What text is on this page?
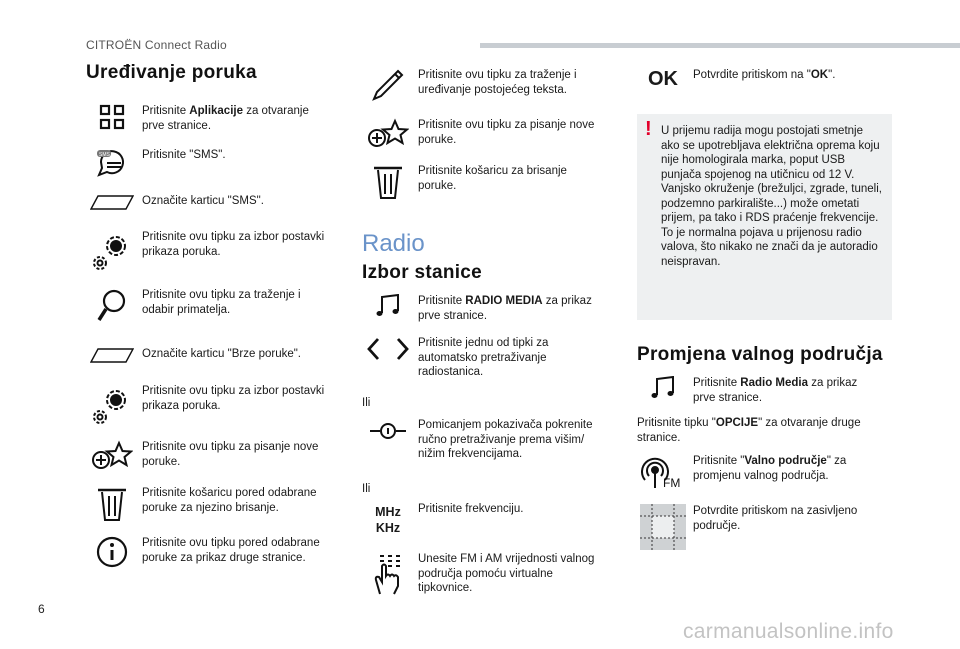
CITROËN Connect Radio
6
carmanualsonline.info
Uređivanje poruka
Pritisnite Aplikacije za otvaranje prve stranice.
SMS	Pritisnite "SMS".
Označite karticu "SMS".
Pritisnite ovu tipku za izbor postavki prikaza poruka.
Pritisnite ovu tipku za traženje i odabir primatelja.
Označite karticu "Brze poruke".
Pritisnite ovu tipku za izbor postavki prikaza poruka.
Pritisnite ovu tipku za pisanje nove poruke.
Pritisnite košaricu pored odabrane poruke za njezino brisanje.
Pritisnite ovu tipku pored odabrane poruke za prikaz druge stranice.
Pritisnite ovu tipku za traženje i uređivanje postojećeg teksta.
Pritisnite ovu tipku za pisanje nove poruke.
Pritisnite košaricu za brisanje poruke.
Radio
Izbor stanice
Pritisnite RADIO MEDIA za prikaz prve stranice.
Pritisnite jednu od tipki za automatsko pretraživanje radiostanica.
Ili
Pomicanjem pokazivača pokrenite ručno pretraživanje prema višim/ nižim frekvencijama.
Ili
MHz
KHz
Pritisnite frekvenciju.
Unesite FM i AM vrijednosti valnog područja pomoću virtualne tipkovnice.
OK	Potvrdite pritiskom na "OK".
! U prijemu radija mogu postojati smetnje ako se upotrebljava električna oprema koju nije homologirala marka, poput USB punjača spojenog na utičnicu od 12 V. Vanjsko okruženje (brežuljci, zgrade, tuneli, podzemno parkiralište...) može ometati prijem, pa tako i RDS praćenje frekvencije. To je normalna pojava u prijenosu radio valova, što nikako ne znači da je autoradio neispravan.
Promjena valnog područja
Pritisnite Radio Media za prikaz prve stranice.
Pritisnite tipku "OPCIJE" za otvaranje druge stranice.
FM
Pritisnite "Valno područje" za promjenu valnog područja.
Potvrdite pritiskom na zasivljeno područje.
